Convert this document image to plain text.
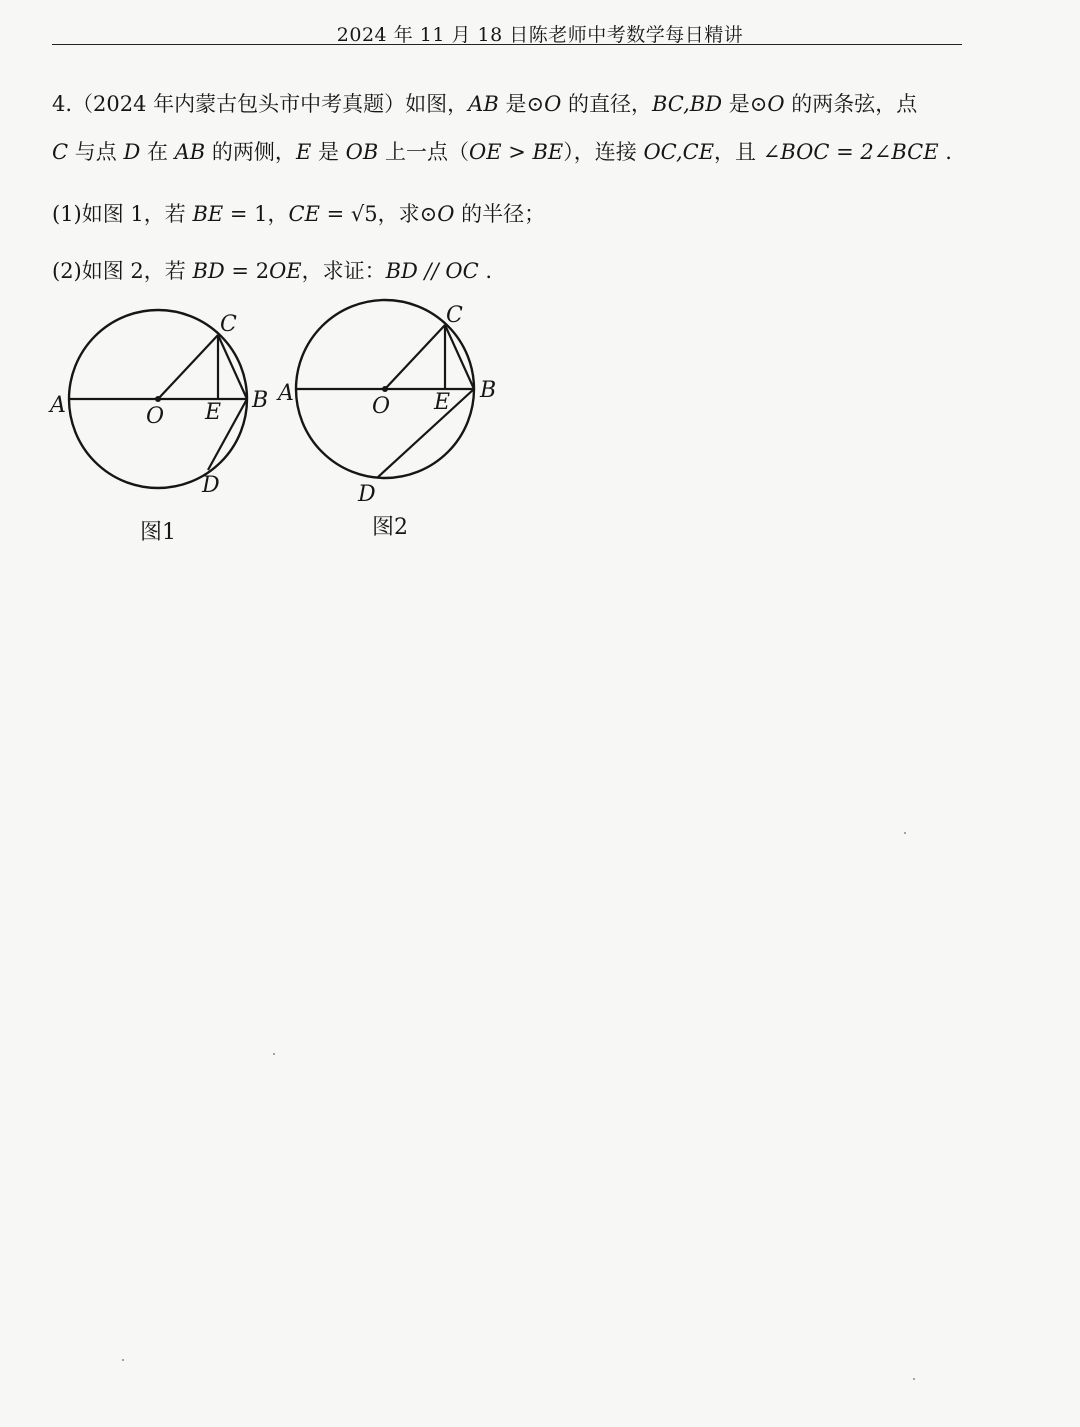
2024 年 11 月 18 日陈老师中考数学每日精讲
4.（2024 年内蒙古包头市中考真题）如图，AB 是⊙O 的直径，BC,BD 是⊙O 的两条弦，点
C 与点 D 在 AB 的两侧，E 是 OB 上一点（OE > BE），连接 OC,CE，且 ∠BOC = 2∠BCE .
(1)如图 1，若 BE = 1，CE = √5，求⊙O 的半径；
(2)如图 2，若 BD = 2OE，求证：BD // OC .
A	B
C
D
E
O
图1
A	B
C
D
E
O
图2
